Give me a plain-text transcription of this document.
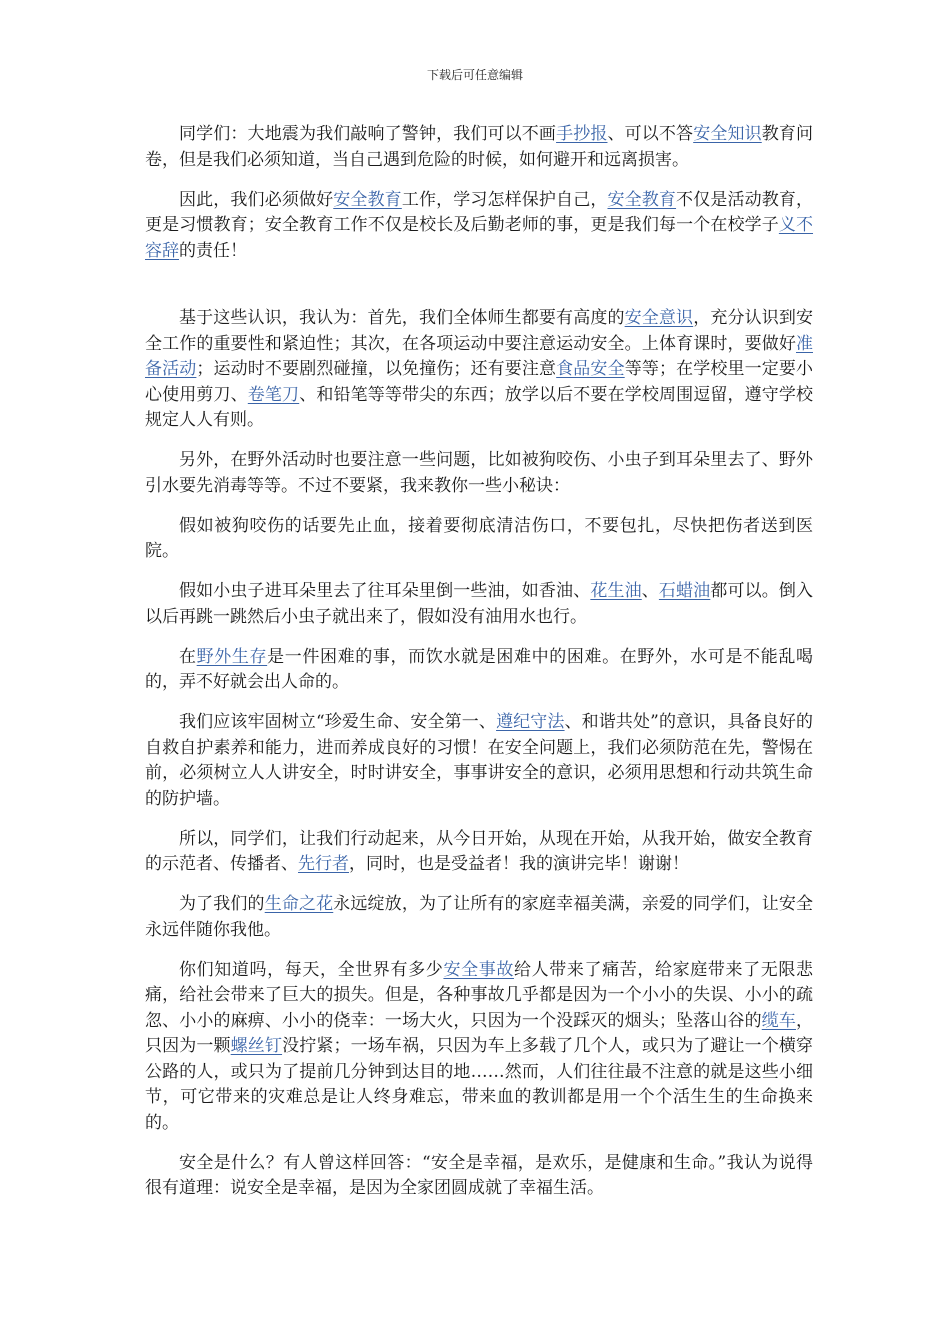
下载后可任意编辑

同学们：大地震为我们敲响了警钟，我们可以不画手抄报、可以不答安全知识教育问卷，但是我们必须知道，当自己遇到危险的时候，如何避开和远离损害。

因此，我们必须做好安全教育工作，学习怎样保护自己，安全教育不仅是活动教育，更是习惯教育；安全教育工作不仅是校长及后勤老师的事，更是我们每一个在校学子义不容辞的责任！

基于这些认识，我认为：首先，我们全体师生都要有高度的安全意识，充分认识到安全工作的重要性和紧迫性；其次，在各项运动中要注意运动安全。上体育课时，要做好准备活动；运动时不要剧烈碰撞，以免撞伤；还有要注意食品安全等等；在学校里一定要小心使用剪刀、卷笔刀、和铅笔等等带尖的东西；放学以后不要在学校周围逗留，遵守学校规定人人有则。

另外，在野外活动时也要注意一些问题，比如被狗咬伤、小虫子到耳朵里去了、野外引水要先消毒等等。不过不要紧，我来教你一些小秘诀：

假如被狗咬伤的话要先止血，接着要彻底清洁伤口，不要包扎，尽快把伤者送到医院。

假如小虫子进耳朵里去了往耳朵里倒一些油，如香油、花生油、石蜡油都可以。倒入以后再跳一跳然后小虫子就出来了，假如没有油用水也行。

在野外生存是一件困难的事，而饮水就是困难中的困难。在野外，水可是不能乱喝的，弄不好就会出人命的。

我们应该牢固树立“珍爱生命、安全第一、遵纪守法、和谐共处”的意识，具备良好的自救自护素养和能力，进而养成良好的习惯！在安全问题上，我们必须防范在先，警惕在前，必须树立人人讲安全，时时讲安全，事事讲安全的意识，必须用思想和行动共筑生命的防护墙。

所以，同学们，让我们行动起来，从今日开始，从现在开始，从我开始，做安全教育的示范者、传播者、先行者，同时，也是受益者！我的演讲完毕！谢谢！

为了我们的生命之花永远绽放，为了让所有的家庭幸福美满，亲爱的同学们，让安全永远伴随你我他。

你们知道吗，每天，全世界有多少安全事故给人带来了痛苦，给家庭带来了无限悲痛，给社会带来了巨大的损失。但是，各种事故几乎都是因为一个小小的失误、小小的疏忽、小小的麻痹、小小的侥幸：一场大火，只因为一个没踩灭的烟头；坠落山谷的缆车，只因为一颗螺丝钉没拧紧；一场车祸，只因为车上多载了几个人，或只为了避让一个横穿公路的人，或只为了提前几分钟到达目的地……然而，人们往往最不注意的就是这些小细节，可它带来的灾难总是让人终身难忘，带来血的教训都是用一个个活生生的生命换来的。

安全是什么？有人曾这样回答：“安全是幸福，是欢乐，是健康和生命。”我认为说得很有道理：说安全是幸福，是因为全家团圆成就了幸福生活。
